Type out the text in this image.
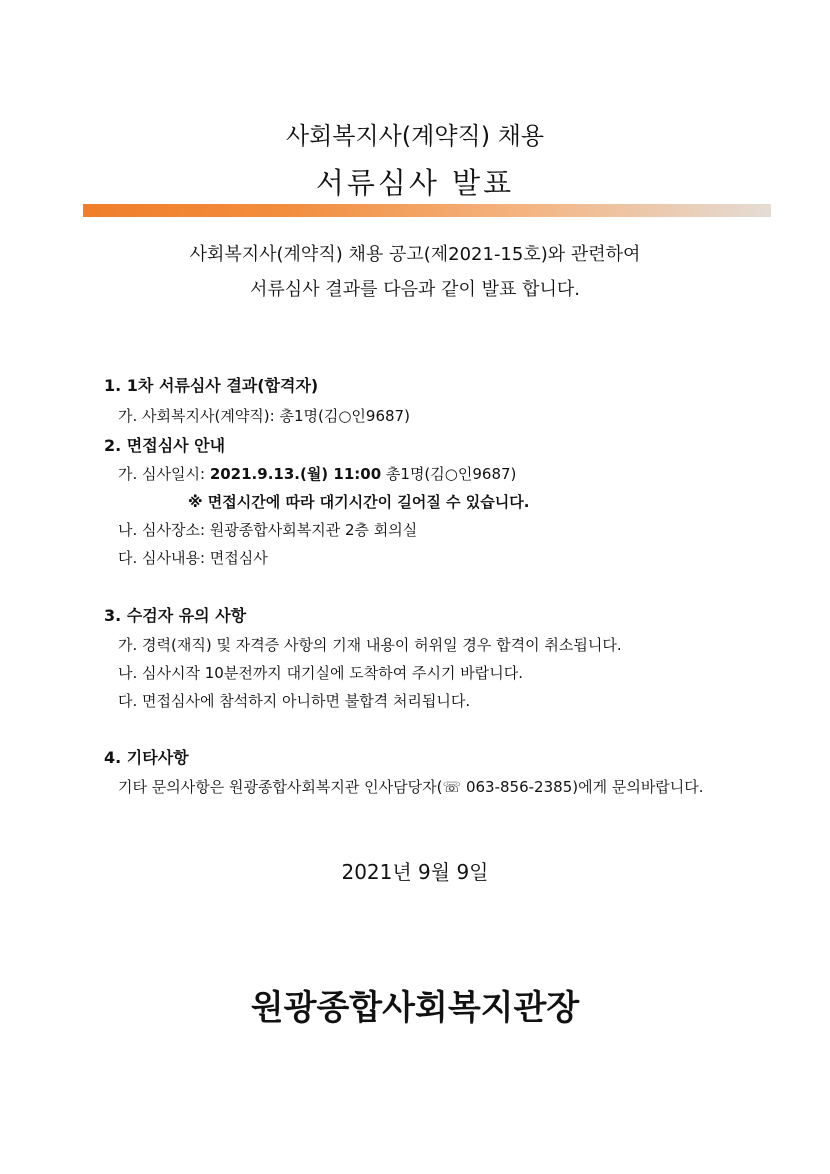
사회복지사(계약직) 채용
서류심사 발표
사회복지사(계약직) 채용 공고(제2021-15호)와 관련하여
서류심사 결과를 다음과 같이 발표 합니다.
1. 1차 서류심사 결과(합격자)
가. 사회복지사(계약직): 총1명(김○인9687)
2. 면접심사 안내
가. 심사일시: 2021.9.13.(월) 11:00 총1명(김○인9687)
※ 면접시간에 따라 대기시간이 길어질 수 있습니다.
나. 심사장소: 원광종합사회복지관 2층 회의실
다. 심사내용: 면접심사
3. 수검자 유의 사항
가. 경력(재직) 및 자격증 사항의 기재 내용이 허위일 경우 합격이 취소됩니다.
나. 심사시작 10분전까지 대기실에 도착하여 주시기 바랍니다.
다. 면접심사에 참석하지 아니하면 불합격 처리됩니다.
4. 기타사항
기타 문의사항은 원광종합사회복지관 인사담당자(☏ 063-856-2385)에게 문의바랍니다.
2021년 9월 9일
원광종합사회복지관장
